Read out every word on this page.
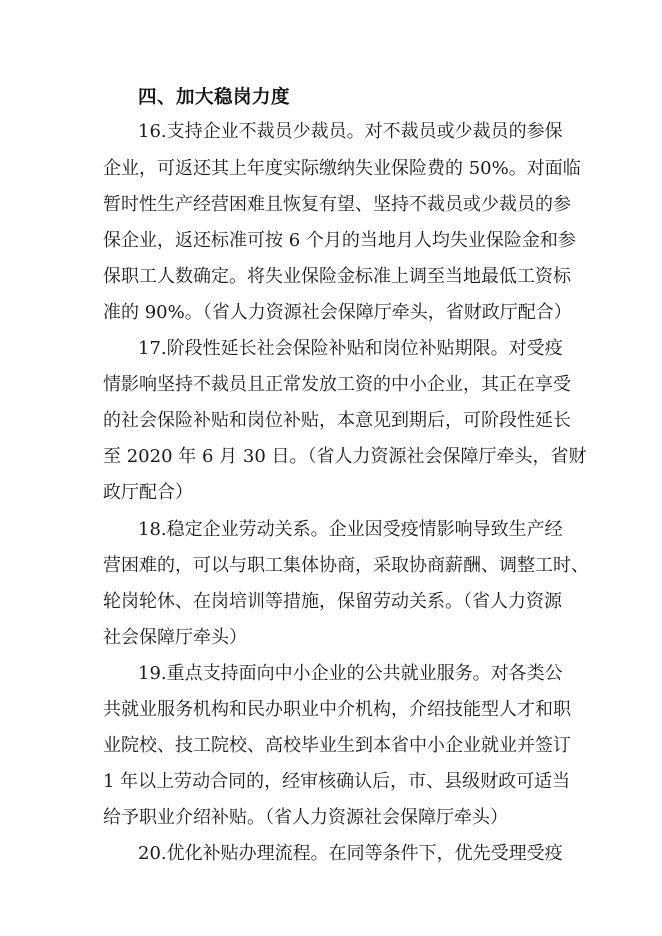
四、加大稳岗力度
16.支持企业不裁员少裁员。对不裁员或少裁员的参保
企业，可返还其上年度实际缴纳失业保险费的 50%。对面临
暂时性生产经营困难且恢复有望、坚持不裁员或少裁员的参
保企业，返还标准可按 6 个月的当地月人均失业保险金和参
保职工人数确定。将失业保险金标准上调至当地最低工资标
准的 90%。（省人力资源社会保障厅牵头，省财政厅配合）
17.阶段性延长社会保险补贴和岗位补贴期限。对受疫
情影响坚持不裁员且正常发放工资的中小企业，其正在享受
的社会保险补贴和岗位补贴，本意见到期后，可阶段性延长
至 2020 年 6 月 30 日。（省人力资源社会保障厅牵头，省财
政厅配合）
18.稳定企业劳动关系。企业因受疫情影响导致生产经
营困难的，可以与职工集体协商，采取协商薪酬、调整工时、
轮岗轮休、在岗培训等措施，保留劳动关系。（省人力资源
社会保障厅牵头）
19.重点支持面向中小企业的公共就业服务。对各类公
共就业服务机构和民办职业中介机构，介绍技能型人才和职
业院校、技工院校、高校毕业生到本省中小企业就业并签订
1 年以上劳动合同的，经审核确认后，市、县级财政可适当
给予职业介绍补贴。（省人力资源社会保障厅牵头）
20.优化补贴办理流程。在同等条件下，优先受理受疫
